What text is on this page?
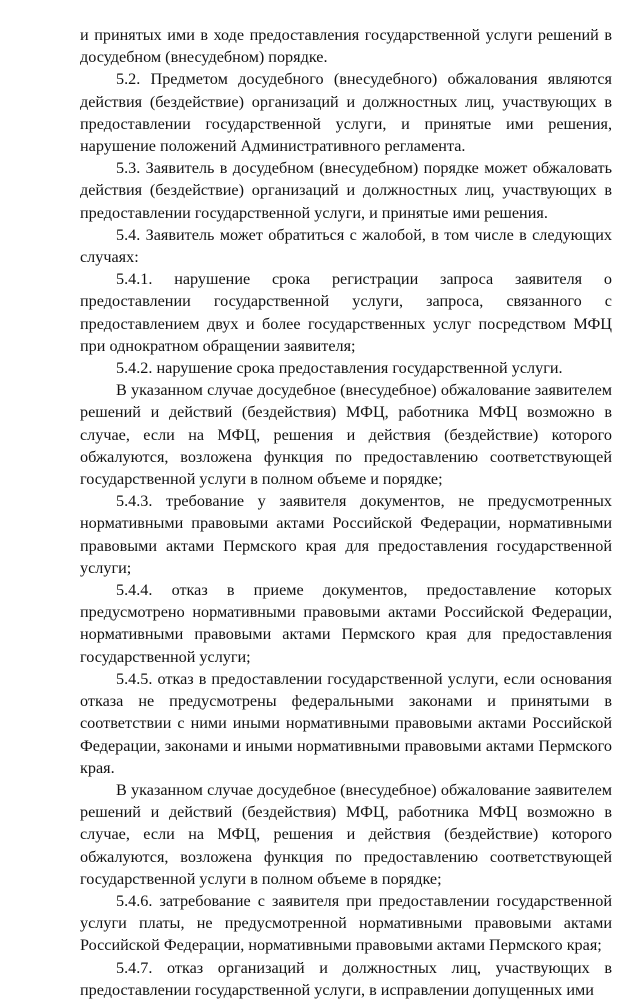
и принятых ими в ходе предоставления государственной услуги решений в досудебном (внесудебном) порядке.

5.2. Предметом досудебного (внесудебного) обжалования являются действия (бездействие) организаций и должностных лиц, участвующих в предоставлении государственной услуги, и принятые ими решения, нарушение положений Административного регламента.

5.3. Заявитель в досудебном (внесудебном) порядке может обжаловать действия (бездействие) организаций и должностных лиц, участвующих в предоставлении государственной услуги, и принятые ими решения.

5.4. Заявитель может обратиться с жалобой, в том числе в следующих случаях:

5.4.1. нарушение срока регистрации запроса заявителя о предоставлении государственной услуги, запроса, связанного с предоставлением двух и более государственных услуг посредством МФЦ при однократном обращении заявителя;

5.4.2. нарушение срока предоставления государственной услуги.

В указанном случае досудебное (внесудебное) обжалование заявителем решений и действий (бездействия) МФЦ, работника МФЦ возможно в случае, если на МФЦ, решения и действия (бездействие) которого обжалуются, возложена функция по предоставлению соответствующей государственной услуги в полном объеме и порядке;

5.4.3. требование у заявителя документов, не предусмотренных нормативными правовыми актами Российской Федерации, нормативными правовыми актами Пермского края для предоставления государственной услуги;

5.4.4. отказ в приеме документов, предоставление которых предусмотрено нормативными правовыми актами Российской Федерации, нормативными правовыми актами Пермского края для предоставления государственной услуги;

5.4.5. отказ в предоставлении государственной услуги, если основания отказа не предусмотрены федеральными законами и принятыми в соответствии с ними иными нормативными правовыми актами Российской Федерации, законами и иными нормативными правовыми актами Пермского края.

В указанном случае досудебное (внесудебное) обжалование заявителем решений и действий (бездействия) МФЦ, работника МФЦ возможно в случае, если на МФЦ, решения и действия (бездействие) которого обжалуются, возложена функция по предоставлению соответствующей государственной услуги в полном объеме в порядке;

5.4.6. затребование с заявителя при предоставлении государственной услуги платы, не предусмотренной нормативными правовыми актами Российской Федерации, нормативными правовыми актами Пермского края;

5.4.7. отказ организаций и должностных лиц, участвующих в предоставлении государственной услуги, в исправлении допущенных ими
